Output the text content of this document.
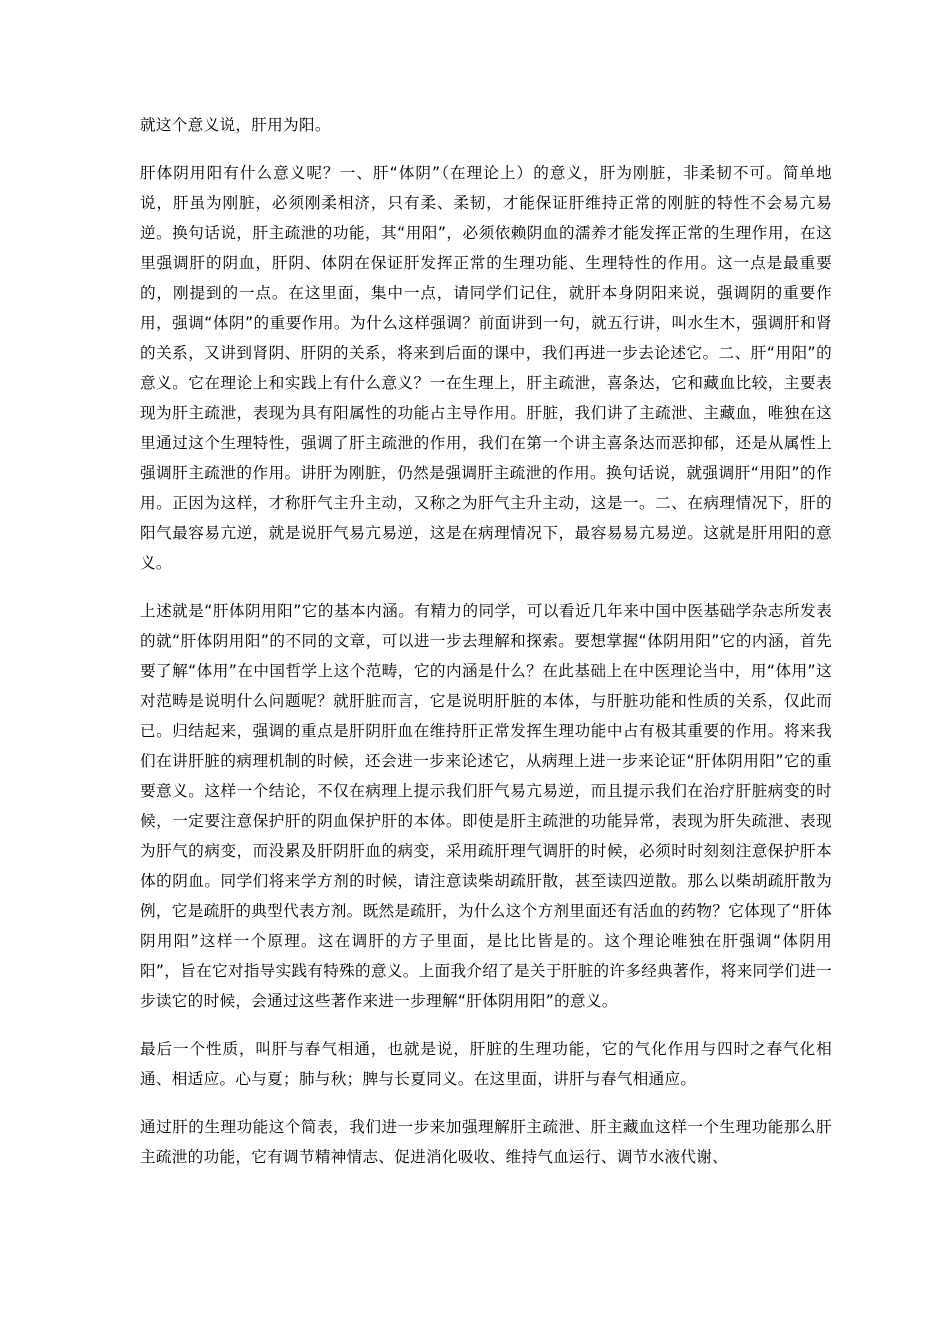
就这个意义说，肝用为阳。

肝体阴用阳有什么意义呢？一、肝“体阴”（在理论上）的意义，肝为刚脏，非柔韧不可。简单地说，肝虽为刚脏，必须刚柔相济，只有柔、柔韧，才能保证肝维持正常的刚脏的特性不会易亢易逆。换句话说，肝主疏泄的功能，其“用阳”，必须依赖阴血的濡养才能发挥正常的生理作用，在这里强调肝的阴血，肝阴、体阴在保证肝发挥正常的生理功能、生理特性的作用。这一点是最重要的，刚提到的一点。在这里面，集中一点，请同学们记住，就肝本身阴阳来说，强调阴的重要作用，强调“体阴”的重要作用。为什么这样强调？前面讲到一句，就五行讲，叫水生木，强调肝和肾的关系，又讲到肾阴、肝阴的关系，将来到后面的课中，我们再进一步去论述它。二、肝“用阳”的意义。它在理论上和实践上有什么意义？一在生理上，肝主疏泄，喜条达，它和藏血比较，主要表现为肝主疏泄，表现为具有阳属性的功能占主导作用。肝脏，我们讲了主疏泄、主藏血，唯独在这里通过这个生理特性，强调了肝主疏泄的作用，我们在第一个讲主喜条达而恶抑郁，还是从属性上强调肝主疏泄的作用。讲肝为刚脏，仍然是强调肝主疏泄的作用。换句话说，就强调肝“用阳”的作用。正因为这样，才称肝气主升主动，又称之为肝气主升主动，这是一。二、在病理情况下，肝的阳气最容易亢逆，就是说肝气易亢易逆，这是在病理情况下，最容易易亢易逆。这就是肝用阳的意义。

上述就是“肝体阴用阳”它的基本内涵。有精力的同学，可以看近几年来中国中医基础学杂志所发表的就“肝体阴用阳”的不同的文章，可以进一步去理解和探索。要想掌握“体阴用阳”它的内涵，首先要了解“体用”在中国哲学上这个范畴，它的内涵是什么？在此基础上在中医理论当中，用“体用”这对范畴是说明什么问题呢？就肝脏而言，它是说明肝脏的本体，与肝脏功能和性质的关系，仅此而已。归结起来，强调的重点是肝阴肝血在维持肝正常发挥生理功能中占有极其重要的作用。将来我们在讲肝脏的病理机制的时候，还会进一步来论述它，从病理上进一步来论证“肝体阴用阳”它的重要意义。这样一个结论，不仅在病理上提示我们肝气易亢易逆，而且提示我们在治疗肝脏病变的时候，一定要注意保护肝的阴血保护肝的本体。即使是肝主疏泄的功能异常，表现为肝失疏泄、表现为肝气的病变，而没累及肝阴肝血的病变，采用疏肝理气调肝的时候，必须时时刻刻注意保护肝本体的阴血。同学们将来学方剂的时候，请注意读柴胡疏肝散，甚至读四逆散。那么以柴胡疏肝散为例，它是疏肝的典型代表方剂。既然是疏肝，为什么这个方剂里面还有活血的药物？它体现了“肝体阴用阳”这样一个原理。这在调肝的方子里面，是比比皆是的。这个理论唯独在肝强调“体阴用阳”，旨在它对指导实践有特殊的意义。上面我介绍了是关于肝脏的许多经典著作，将来同学们进一步读它的时候，会通过这些著作来进一步理解“肝体阴用阳”的意义。

最后一个性质，叫肝与春气相通，也就是说，肝脏的生理功能，它的气化作用与四时之春气化相通、相适应。心与夏；肺与秋；脾与长夏同义。在这里面，讲肝与春气相通应。

通过肝的生理功能这个简表，我们进一步来加强理解肝主疏泄、肝主藏血这样一个生理功能那么肝主疏泄的功能，它有调节精神情志、促进消化吸收、维持气血运行、调节水液代谢、
